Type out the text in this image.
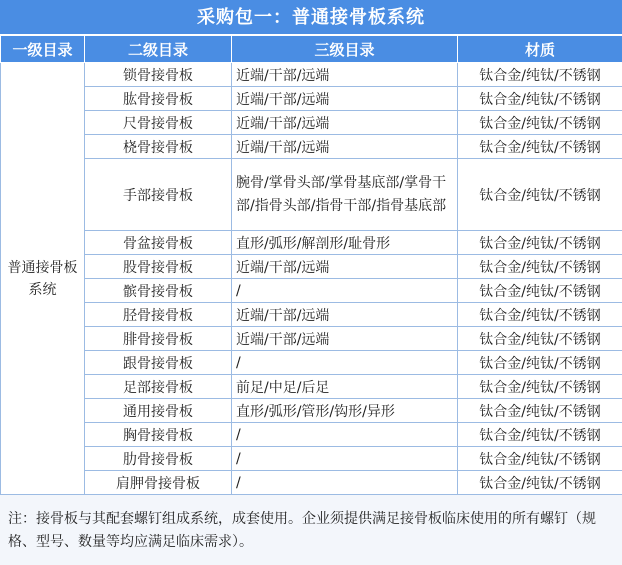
采购包一：普通接骨板系统
一级目录	二级目录	三级目录	材质
普通接骨板系统	锁骨接骨板	近端/干部/远端	钛合金/纯钛/不锈钢
	肱骨接骨板	近端/干部/远端	钛合金/纯钛/不锈钢
	尺骨接骨板	近端/干部/远端	钛合金/纯钛/不锈钢
	桡骨接骨板	近端/干部/远端	钛合金/纯钛/不锈钢
	手部接骨板	腕骨/掌骨头部/掌骨基底部/掌骨干部/指骨头部/指骨干部/指骨基底部	钛合金/纯钛/不锈钢
	骨盆接骨板	直形/弧形/解剖形/耻骨形	钛合金/纯钛/不锈钢
	股骨接骨板	近端/干部/远端	钛合金/纯钛/不锈钢
	髌骨接骨板	/	钛合金/纯钛/不锈钢
	胫骨接骨板	近端/干部/远端	钛合金/纯钛/不锈钢
	腓骨接骨板	近端/干部/远端	钛合金/纯钛/不锈钢
	跟骨接骨板	/	钛合金/纯钛/不锈钢
	足部接骨板	前足/中足/后足	钛合金/纯钛/不锈钢
	通用接骨板	直形/弧形/管形/钩形/异形	钛合金/纯钛/不锈钢
	胸骨接骨板	/	钛合金/纯钛/不锈钢
	肋骨接骨板	/	钛合金/纯钛/不锈钢
	肩胛骨接骨板	/	钛合金/纯钛/不锈钢
注：接骨板与其配套螺钉组成系统，成套使用。企业须提供满足接骨板临床使用的所有螺钉（规格、型号、数量等均应满足临床需求）。
